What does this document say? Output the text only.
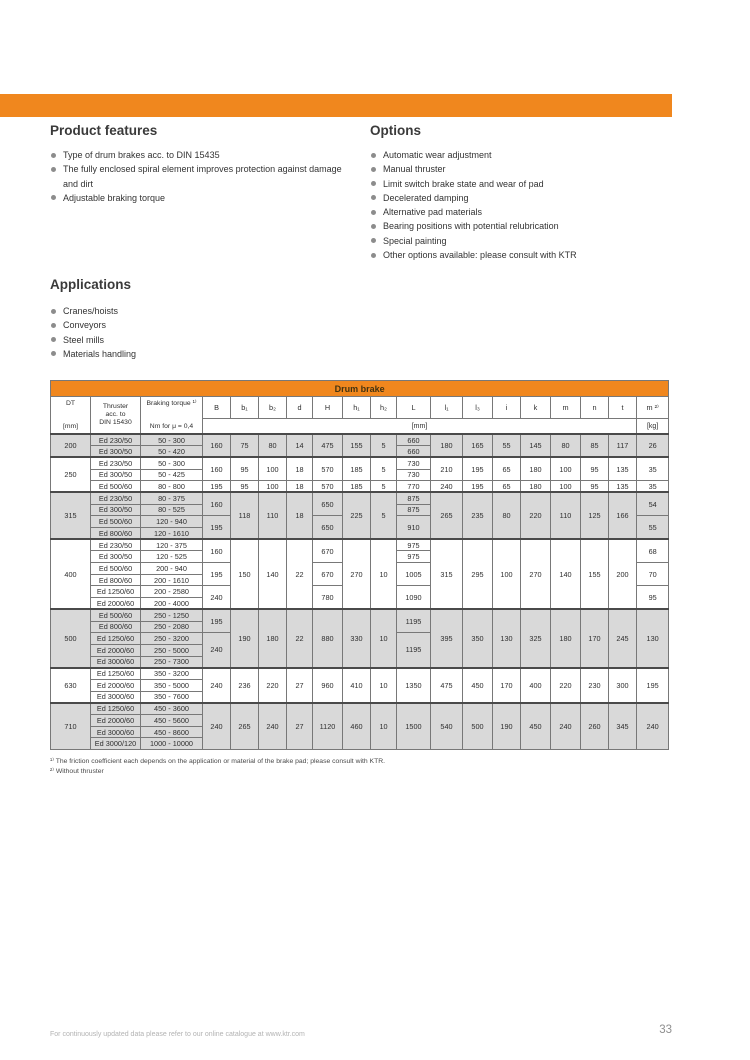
Product features
Type of drum brakes acc. to DIN 15435
The fully enclosed spiral element improves protection against damage and dirt
Adjustable braking torque
Options
Automatic wear adjustment
Manual thruster
Limit switch brake state and wear of pad
Decelerated damping
Alternative pad materials
Bearing positions with potential relubrication
Special painting
Other options available: please consult with KTR
Applications
Cranes/hoists
Conveyors
Steel mills
Materials handling
Drum brake																		

DT
[mm]

Thruster
acc. to
DIN 15430

Braking torque ¹⁾
Nm for μ = 0,4
	B	b₁	b₂	d	H	h₁	h₂	L	l₁	l₃	i	k	m	n	t	m ²⁾
			[mm]															[kg]
200	Ed 230/50	50 - 300	160	75	80	14	475	155	5	660	180	165	55	145	80	85	117	26
	Ed 300/50	50 - 420								660								
250	Ed 230/50	50 - 300	160	95	100	18	570	185	5	730	210	195	65	180	100	95	135	35
	Ed 300/50	50 - 425								730								
	Ed 500/60	80 - 800	195	95	100	18	570	185	5	770	240	195	65	180	100	95	135	35
315	Ed 230/50	80 - 375	160	118	110	18	650	225	5	875	265	235	80	220	110	125	166	54
	Ed 300/50	80 - 525								875								
	Ed 500/60	120 - 940	195				650			910								55
	Ed 800/60	120 - 1610																
400	Ed 230/50	120 - 375	160	150	140	22	670	270	10	975	315	295	100	270	140	155	200	68
	Ed 300/50	120 - 525								975								
	Ed 500/60	200 - 940	195				670			1005								70
	Ed 800/60	200 - 1610																
	Ed 1250/60	200 - 2580	240				780			1090								95
	Ed 2000/60	200 - 4000																
500	Ed 500/60	250 - 1250	195	190	180	22	880	330	10	1195	395	350	130	325	180	170	245	130
	Ed 800/60	250 - 2080																
	Ed 1250/60	250 - 3200	240							1195								
	Ed 2000/60	250 - 5000																
	Ed 3000/60	250 - 7300																
630	Ed 1250/60	350 - 3200	240	236	220	27	960	410	10	1350	475	450	170	400	220	230	300	195
	Ed 2000/60	350 - 5000																
	Ed 3000/60	350 - 7600																
710	Ed 1250/60	450 - 3600	240	265	240	27	1120	460	10	1500	540	500	190	450	240	260	345	240
	Ed 2000/60	450 - 5600																
	Ed 3000/60	450 - 8600																
	Ed 3000/120	1000 - 10000																
¹⁾ The friction coefficient each depends on the application or material of the brake pad; please consult with KTR.
²⁾ Without thruster
For continuously updated data please refer to our online catalogue at www.ktr.com	33
